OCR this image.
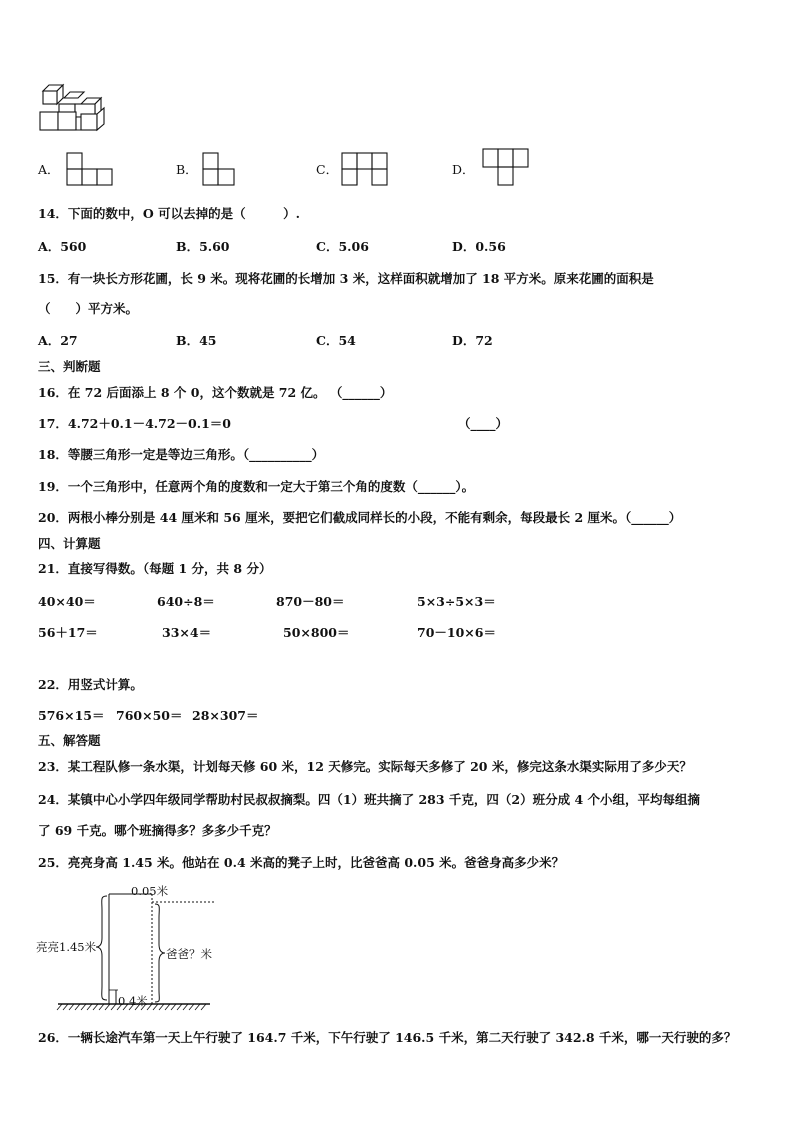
A．	B．	C．	D．
14．下面的数中，O 可以去掉的是（　　　）.
A．560	B．5.60	C．5.06	D．0.56
15．有一块长方形花圃，长 9 米。现将花圃的长增加 3 米，这样面积就增加了 18 平方米。原来花圃的面积是
（　　）平方米。
A．27	B．45	C．54	D．72
三、判断题
16．在 72 后面添上 8 个 0，这个数就是 72 亿。 （______）
17．4.72＋0.1－4.72－0.1＝0	（____）
18．等腰三角形一定是等边三角形。（__________）
19．一个三角形中，任意两个角的度数和一定大于第三个角的度数（______）。
20．两根小棒分别是 44 厘米和 56 厘米，要把它们截成同样长的小段，不能有剩余，每段最长 2 厘米。（______）
四、计算题
21．直接写得数。（每题 1 分，共 8 分）
40×40＝	640÷8＝	870－80＝	5×3÷5×3＝
56＋17＝	33×4＝	50×800＝	70－10×6＝
22．用竖式计算。
576×15＝ 760×50＝ 28×307＝
五、解答题
23．某工程队修一条水渠，计划每天修 60 米，12 天修完。实际每天多修了 20 米，修完这条水渠实际用了多少天？
24．某镇中心小学四年级同学帮助村民叔叔摘梨。四（1）班共摘了 283 千克，四（2）班分成 4 个小组，平均每组摘
了 69 千克。哪个班摘得多？多多少千克？
25．亮亮身高 1.45 米。他站在 0.4 米高的凳子上时，比爸爸高 0.05 米。爸爸身高多少米？
0.05米
亮亮1.45米	爸爸？米
0.4米
26．一辆长途汽车第一天上午行驶了 164.7 千米，下午行驶了 146.5 千米，第二天行驶了 342.8 千米，哪一天行驶的多？
